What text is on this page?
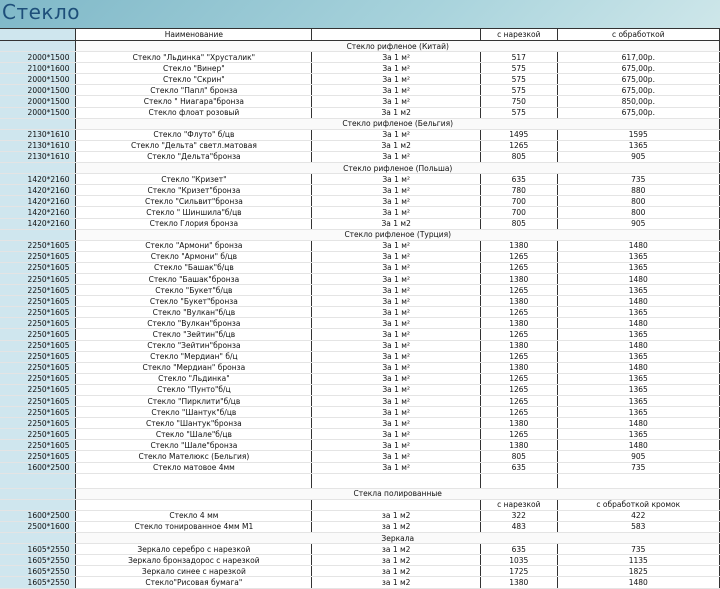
Стекло
	Наименование		с нарезкой	с обработкой
	Стекло рифленое (Китай)			
2000*1500	Стекло "Льдинка" "Хрусталик"	За 1 м²	517	617,00р.
2100*1600	Стекло "Винер"	За 1 м²	575	675,00р.
2000*1500	Стекло "Скрин"	За 1 м²	575	675,00р.
2000*1500	Стекло "Папл" бронза	За 1 м²	575	675,00р.
2000*1500	Стекло " Ниагара"бронза	За 1 м²	750	850,00р.
2000*1500	Стекло флоат розовый	За 1 м2	575	675,00р.
	Стекло рифленое (Бельгия)			
2130*1610	Стекло "Флуто" б/цв	За 1 м²	1495	1595
2130*1610	Стекло "Дельта" светл.матовая	За 1 м2	1265	1365
2130*1610	Стекло "Дельта"бронза	За 1 м²	805	905
	Стекло рифленое (Польша)			
1420*2160	Стекло "Кризет"	За 1 м²	635	735
1420*2160	Стекло "Кризет"бронза	За 1 м²	780	880
1420*2160	Стекло "Сильвит"бронза	За 1 м²	700	800
1420*2160	Стекло " Шиншила"б/цв	За 1 м²	700	800
1420*2160	Стекло Глория бронза	За 1 м2	805	905
	Стекло рифленое (Турция)			
2250*1605	Стекло "Армони" бронза	За 1 м²	1380	1480
2250*1605	Стекло "Армони" б/цв	За 1 м²	1265	1365
2250*1605	Стекло "Башак"б/цв	За 1 м²	1265	1365
2250*1605	Стекло "Башак"бронза	За 1 м²	1380	1480
2250*1605	Стекло "Букет"б/цв	За 1 м²	1265	1365
2250*1605	Стекло "Букет"бронза	За 1 м²	1380	1480
2250*1605	Стекло "Вулкан"б/цв	За 1 м²	1265	1365
2250*1605	Стекло "Вулкан"бронза	За 1 м²	1380	1480
2250*1605	Стекло "Зейтин"б/цв	За 1 м²	1265	1365
2250*1605	Стекло "Зейтин"бронза	За 1 м²	1380	1480
2250*1605	Стекло "Мердиан" б/ц	За 1 м²	1265	1365
2250*1605	Стекло "Мердиан" бронза	За 1 м²	1380	1480
2250*1605	Стекло "Льдинка"	За 1 м²	1265	1365
2250*1605	Стекло "Пунто"б/ц	За 1 м²	1265	1365
2250*1605	Стекло "Пирклити"б/цв	За 1 м²	1265	1365
2250*1605	Стекло "Шантук"б/цв	За 1 м²	1265	1365
2250*1605	Стекло "Шантук"бронза	За 1 м²	1380	1480
2250*1605	Стекло "Шале"б/цв	За 1 м²	1265	1365
2250*1605	Стекло "Шале"бронза	За 1 м²	1380	1480
2250*1605	Стекло Мателюкс (Бельгия)	За 1 м²	805	905
1600*2500	Стекло матовое 4мм	За 1 м²	635	735

	Стекла полированные			
			с нарезкой	с обработкой кромок
1600*2500	Стекло 4 мм	за 1 м2	322	422
2500*1600	Стекло тонированное 4мм М1	за 1 м2	483	583
	Зеркала			
1605*2550	Зеркало серебро с нарезкой	за 1 м2	635	735
1605*2550	Зеркало бронзадорос с нарезкой	за 1 м2	1035	1135
1605*2550	Зеркало синее с нарезкой	за 1 м2	1725	1825
1605*2550	Стекло"Рисовая бумага"	за 1 м2	1380	1480
